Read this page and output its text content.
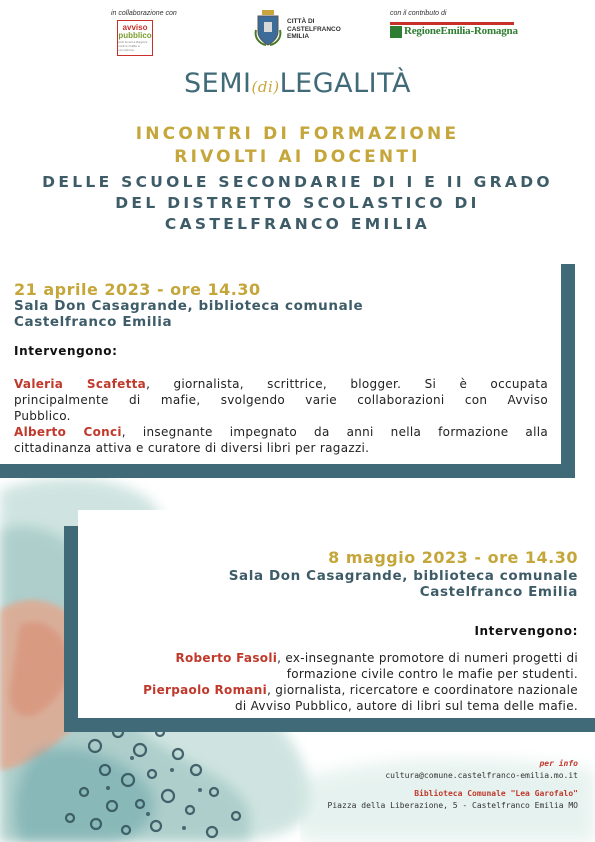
in collaborazione con
avviso
pubblico
enti locali e Regioni contro mafie e corruzione
CITTÀ DI
CASTELFRANCO
EMILIA
con il contributo di
RegioneEmilia-Romagna
SEMI(di)LEGALITÀ
INCONTRI DI FORMAZIONE
RIVOLTI AI DOCENTI
DELLE SCUOLE SECONDARIE DI I E II GRADO
DEL DISTRETTO SCOLASTICO DI
CASTELFRANCO EMILIA
21 aprile 2023 - ore 14.30
Sala Don Casagrande, biblioteca comunale
Castelfranco Emilia
Intervengono:
Valeria Scafetta, giornalista, scrittrice, blogger. Si è occupata
principalmente di mafie, svolgendo varie collaborazioni con Avviso
Pubblico.
Alberto Conci, insegnante impegnato da anni nella formazione alla
cittadinanza attiva e curatore di diversi libri per ragazzi.
8 maggio 2023 - ore 14.30
Sala Don Casagrande, biblioteca comunale
Castelfranco Emilia
Intervengono:
Roberto Fasoli, ex-insegnante promotore di numeri progetti di
formazione civile contro le mafie per studenti.
Pierpaolo Romani, giornalista, ricercatore e coordinatore nazionale
di Avviso Pubblico, autore di libri sul tema delle mafie.
per info
cultura@comune.castelfranco-emilia.mo.it
Biblioteca Comunale "Lea Garofalo"
Piazza della Liberazione, 5 - Castelfranco Emilia MO
